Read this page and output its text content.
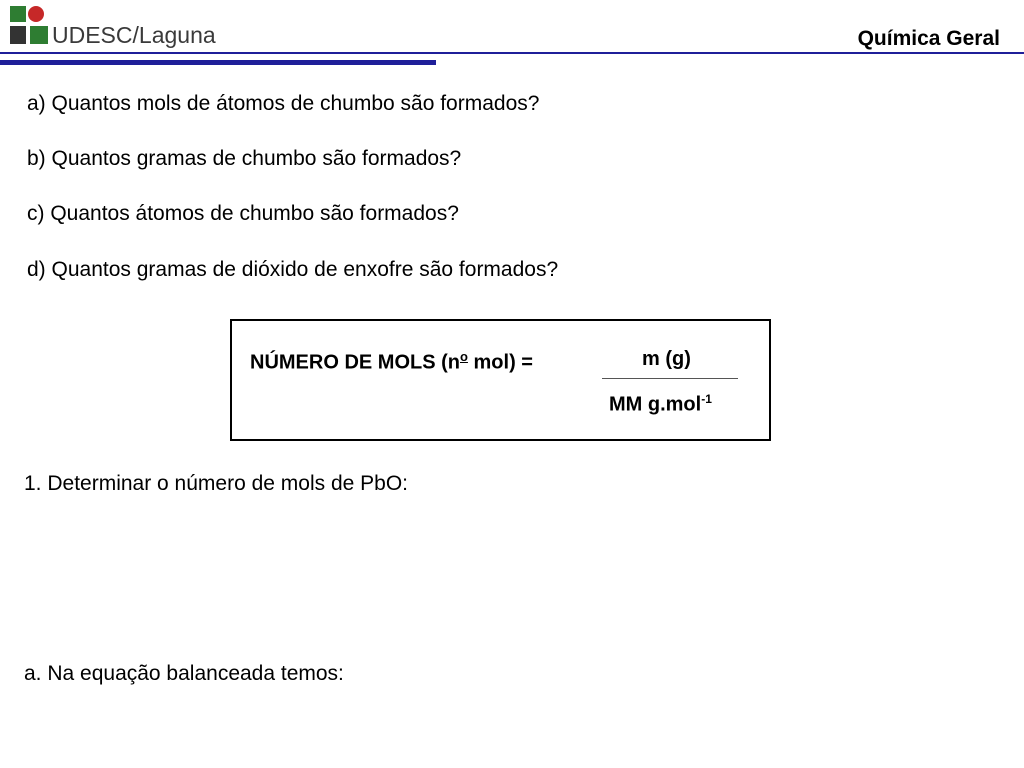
UDESC/Laguna	Química Geral
a) Quantos mols de átomos de chumbo são formados?
b) Quantos gramas de chumbo são formados?
c) Quantos átomos de chumbo são formados?
d) Quantos gramas de dióxido de enxofre são formados?
NÚMERO DE MOLS ($n^o$ mol) =	m (g)
MM g.mol$^{-1}$
1. Determinar o número de mols de PbO:
a. Na equação balanceada temos:
